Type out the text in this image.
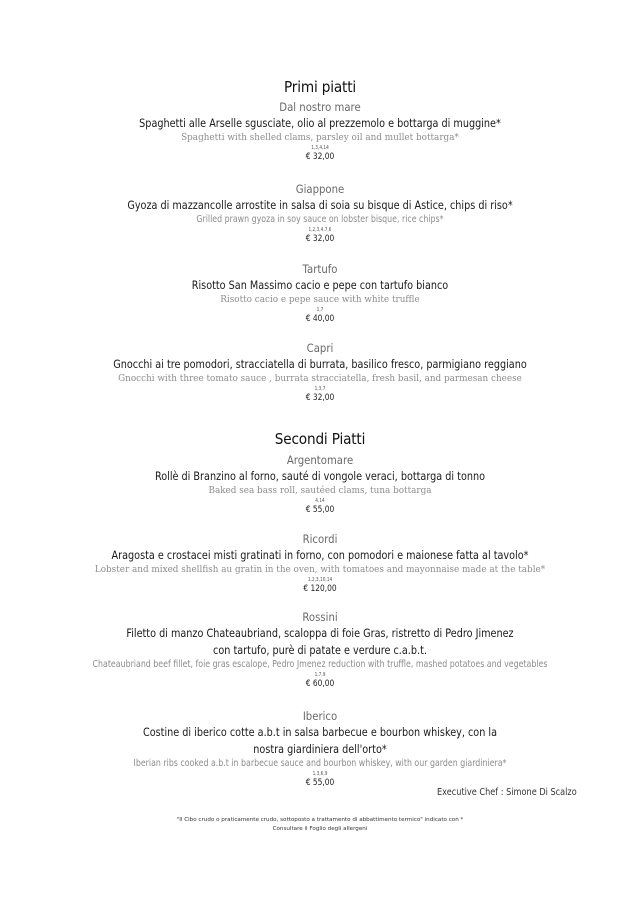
Primi piatti
Dal nostro mare
Spaghetti alle Arselle sgusciate, olio al prezzemolo e bottarga di muggine*
Spaghetti with shelled clams, parsley oil and mullet bottarga*
1,3,4,14
€ 32,00
Giappone
Gyoza di mazzancolle arrostite in salsa di soia su bisque di Astice, chips di riso*
Grilled prawn gyoza in soy sauce on lobster bisque, rice chips*
1,2,3,4,7,6
€ 32,00
Tartufo
Risotto San Massimo cacio e pepe con tartufo bianco
Risotto cacio e pepe sauce with white truffle
1,7
€ 40,00
Capri
Gnocchi ai tre pomodori, stracciatella di burrata, basilico fresco, parmigiano reggiano
Gnocchi with three tomato sauce , burrata stracciatella, fresh basil, and parmesan cheese
1,3,7
€ 32,00
Secondi Piatti
Argentomare
Rollè di Branzino al forno, sauté di vongole veraci, bottarga di tonno
Baked sea bass roll, sautéed clams, tuna bottarga
4,14
€ 55,00
Ricordi
Aragosta e crostacei misti gratinati in forno, con pomodori e maionese fatta al tavolo*
Lobster and mixed shellfish au gratin in the oven, with tomatoes and mayonnaise made at the table*
1,2,3,10,14
€ 120,00
Rossini
Filetto di manzo Chateaubriand, scaloppa di foie Gras, ristretto di Pedro Jimenez
con tartufo, purè di patate e verdure c.a.b.t.
Chateaubriand beef fillet, foie gras escalope, Pedro Jmenez reduction with truffle, mashed potatoes and vegetables
1,7,9
€ 60,00
Iberico
Costine di iberico cotte a.b.t in salsa barbecue e bourbon whiskey, con la
nostra giardiniera dell'orto*
Iberian ribs cooked a.b.t in barbecue sauce and bourbon whiskey, with our garden giardiniera*
1,3,6,9
€ 55,00
Executive Chef : Simone Di Scalzo
"Il Cibo crudo o praticamente crudo, sottoposto a trattamento di abbattimento termico" indicato con *
Consultare il Foglio degli allergeni
